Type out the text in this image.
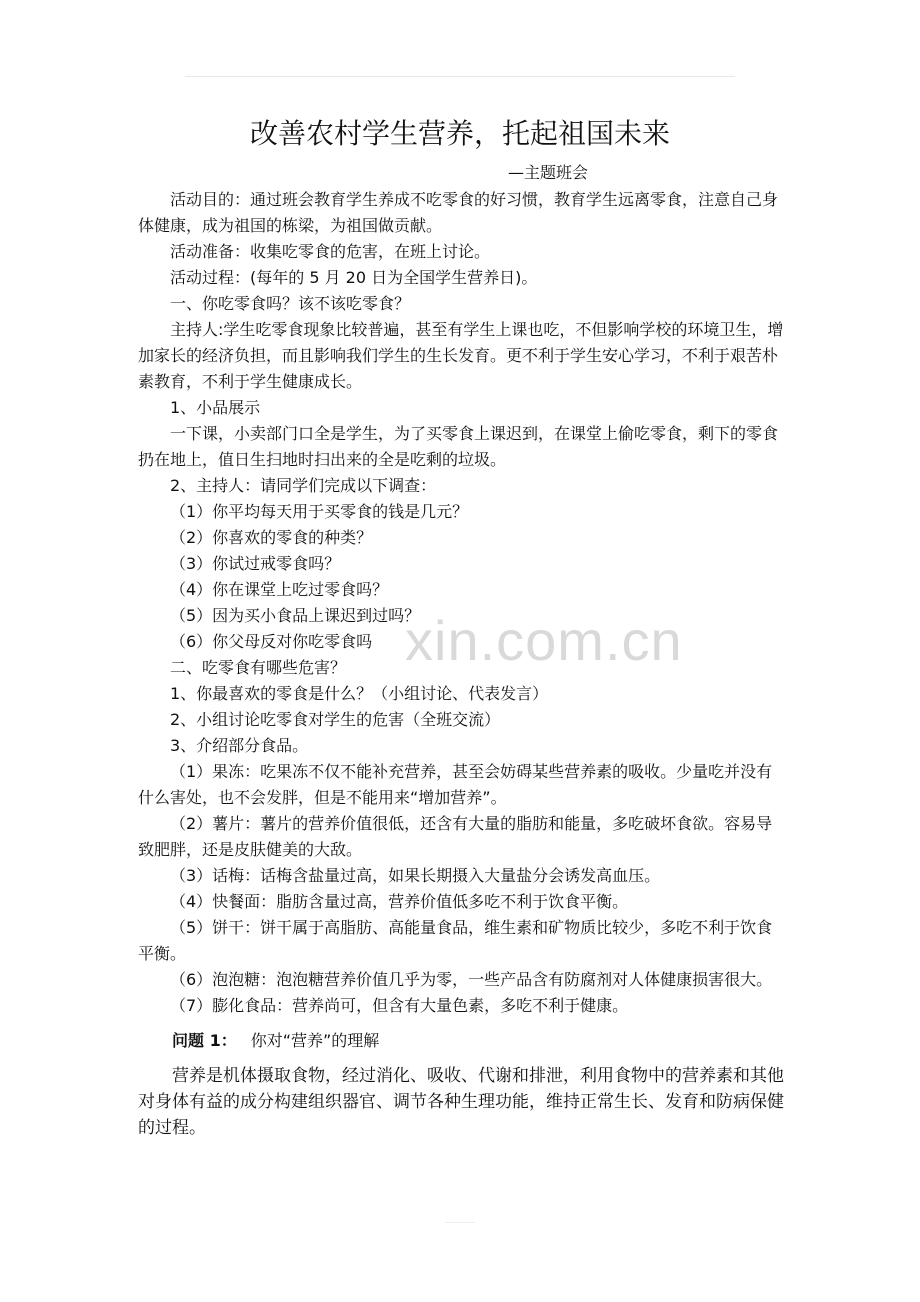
xin.com.cn
改善农村学生营养，托起祖国未来
—主题班会

活动目的：通过班会教育学生养成不吃零食的好习惯，教育学生远离零食，注意自己身体健康，成为祖国的栋梁，为祖国做贡献。

活动准备：收集吃零食的危害，在班上讨论。

活动过程：(每年的 5 月 20 日为全国学生营养日)。

一、你吃零食吗？该不该吃零食？

主持人:学生吃零食现象比较普遍，甚至有学生上课也吃，不但影响学校的环境卫生，增加家长的经济负担，而且影响我们学生的生长发育。更不利于学生安心学习，不利于艰苦朴素教育，不利于学生健康成长。

1、小品展示

一下课，小卖部门口全是学生，为了买零食上课迟到，在课堂上偷吃零食，剩下的零食扔在地上，值日生扫地时扫出来的全是吃剩的垃圾。

2、主持人：请同学们完成以下调查：

（1）你平均每天用于买零食的钱是几元？

（2）你喜欢的零食的种类？

（3）你试过戒零食吗？

（4）你在课堂上吃过零食吗？

（5）因为买小食品上课迟到过吗？

（6）你父母反对你吃零食吗

二、吃零食有哪些危害？

1、你最喜欢的零食是什么？（小组讨论、代表发言）

2、小组讨论吃零食对学生的危害（全班交流）

3、介绍部分食品。

（1）果冻：吃果冻不仅不能补充营养，甚至会妨碍某些营养素的吸收。少量吃并没有什么害处，也不会发胖，但是不能用来“增加营养”。

（2）薯片：薯片的营养价值很低，还含有大量的脂肪和能量，多吃破坏食欲。容易导致肥胖，还是皮肤健美的大敌。

（3）话梅：话梅含盐量过高，如果长期摄入大量盐分会诱发高血压。

（4）快餐面：脂肪含量过高，营养价值低多吃不利于饮食平衡。

（5）饼干：饼干属于高脂肪、高能量食品，维生素和矿物质比较少，多吃不利于饮食平衡。

（6）泡泡糖：泡泡糖营养价值几乎为零，一些产品含有防腐剂对人体健康损害很大。

（7）膨化食品：营养尚可，但含有大量色素，多吃不利于健康。

问题 1： 你对“营养”的理解

营养是机体摄取食物，经过消化、吸收、代谢和排泄，利用食物中的营养素和其他对身体有益的成分构建组织器官、调节各种生理功能，维持正常生长、发育和防病保健的过程。
